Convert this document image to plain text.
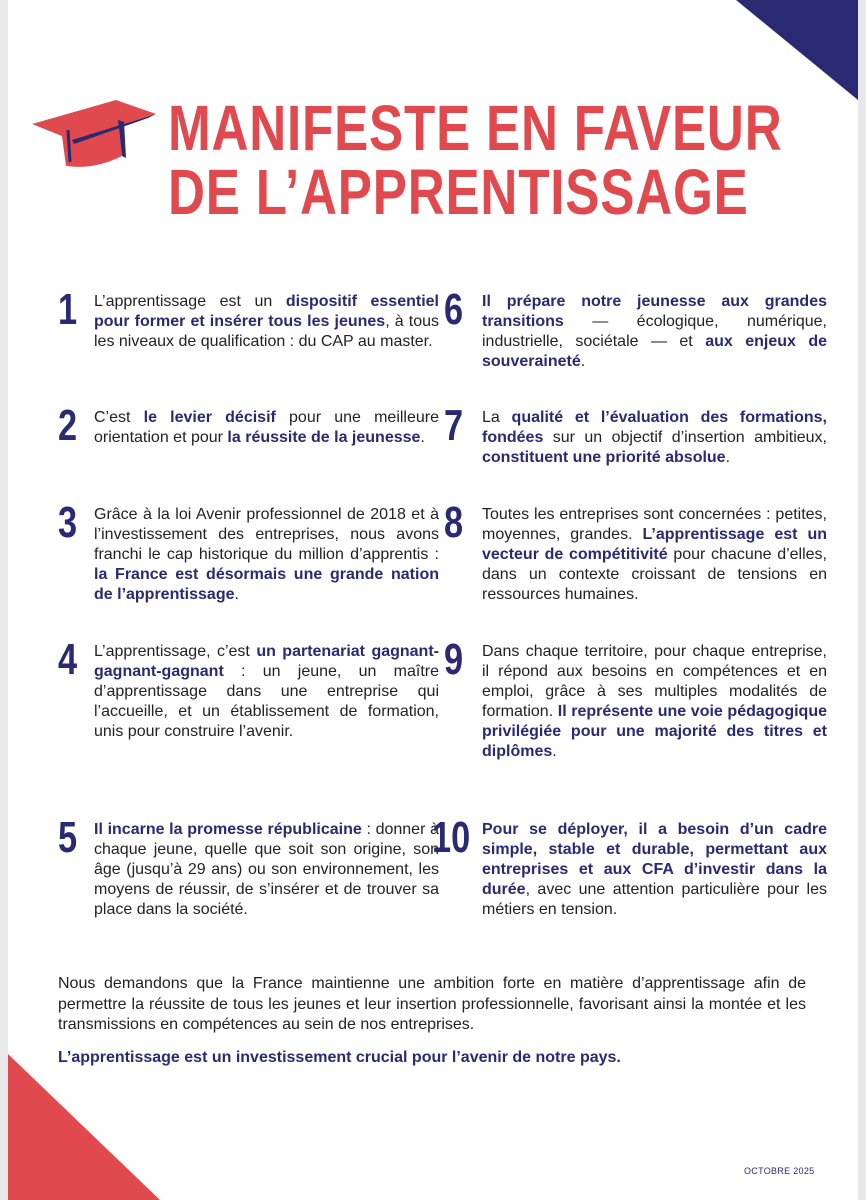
MANIFESTE EN FAVEUR
DE L’APPRENTISSAGE
1 L’apprentissage est un dispositif essentiel pour former et insérer tous les jeunes, à tous les niveaux de qualification : du CAP au master.
2 C’est le levier décisif pour une meilleure orientation et pour la réussite de la jeunesse.
3 Grâce à la loi Avenir professionnel de 2018 et à l’investissement des entreprises, nous avons franchi le cap historique du million d’apprentis : la France est désormais une grande nation de l’apprentissage.
4 L’apprentissage, c’est un partenariat gagnant-gagnant-gagnant : un jeune, un maître d’apprentissage dans une entreprise qui l’accueille, et un établissement de formation, unis pour construire l’avenir.
5 Il incarne la promesse républicaine : donner à chaque jeune, quelle que soit son origine, son âge (jusqu’à 29 ans) ou son environnement, les moyens de réussir, de s’insérer et de trouver sa place dans la société.
6 Il prépare notre jeunesse aux grandes transitions — écologique, numérique, industrielle, sociétale — et aux enjeux de souveraineté.
7 La qualité et l’évaluation des formations, fondées sur un objectif d’insertion ambitieux, constituent une priorité absolue.
8 Toutes les entreprises sont concernées : petites, moyennes, grandes. L’apprentissage est un vecteur de compétitivité pour chacune d’elles, dans un contexte croissant de tensions en ressources humaines.
9 Dans chaque territoire, pour chaque entreprise, il répond aux besoins en compétences et en emploi, grâce à ses multiples modalités de formation. Il représente une voie pédagogique privilégiée pour une majorité des titres et diplômes.
10 Pour se déployer, il a besoin d’un cadre simple, stable et durable, permettant aux entreprises et aux CFA d’investir dans la durée, avec une attention particulière pour les métiers en tension.

Nous demandons que la France maintienne une ambition forte en matière d’apprentissage afin de permettre la réussite de tous les jeunes et leur insertion professionnelle, favorisant ainsi la montée et les transmissions en compétences au sein de nos entreprises.

L’apprentissage est un investissement crucial pour l’avenir de notre pays.

OCTOBRE 2025
